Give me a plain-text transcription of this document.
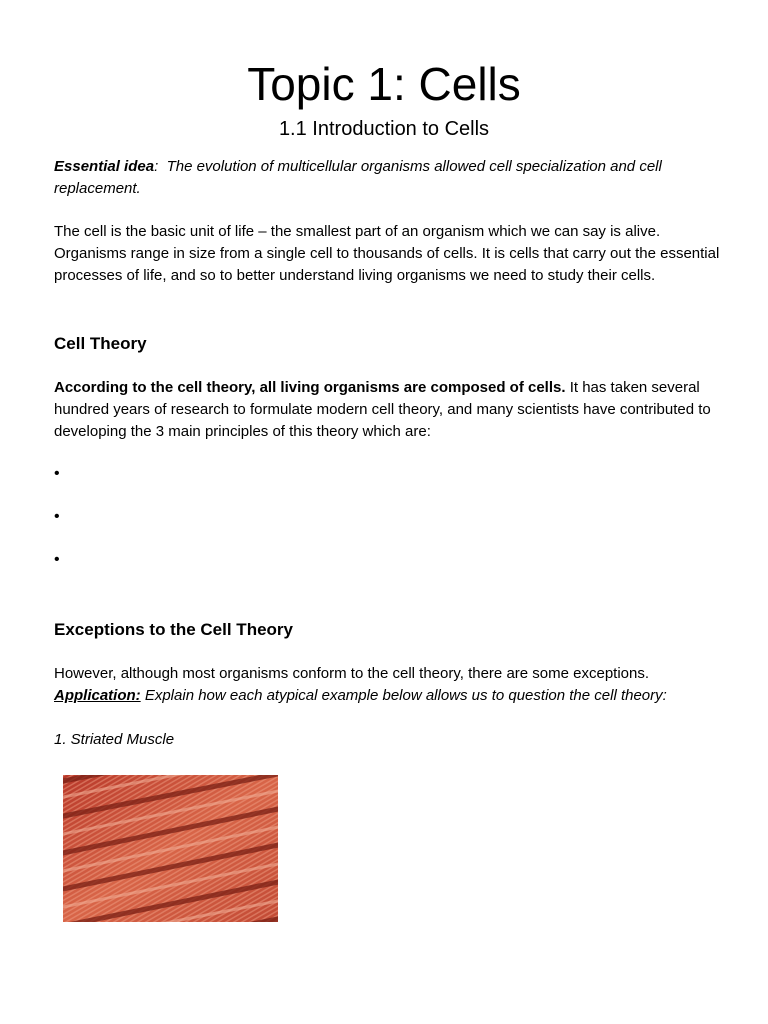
Topic 1: Cells
1.1 Introduction to Cells
Essential idea: The evolution of multicellular organisms allowed cell specialization and cell replacement.
The cell is the basic unit of life – the smallest part of an organism which we can say is alive. Organisms range in size from a single cell to thousands of cells. It is cells that carry out the essential processes of life, and so to better understand living organisms we need to study their cells.
Cell Theory
According to the cell theory, all living organisms are composed of cells. It has taken several hundred years of research to formulate modern cell theory, and many scientists have contributed to developing the 3 main principles of this theory which are:
•
•
•
Exceptions to the Cell Theory
However, although most organisms conform to the cell theory, there are some exceptions.
Application: Explain how each atypical example below allows us to question the cell theory:
1. Striated Muscle
